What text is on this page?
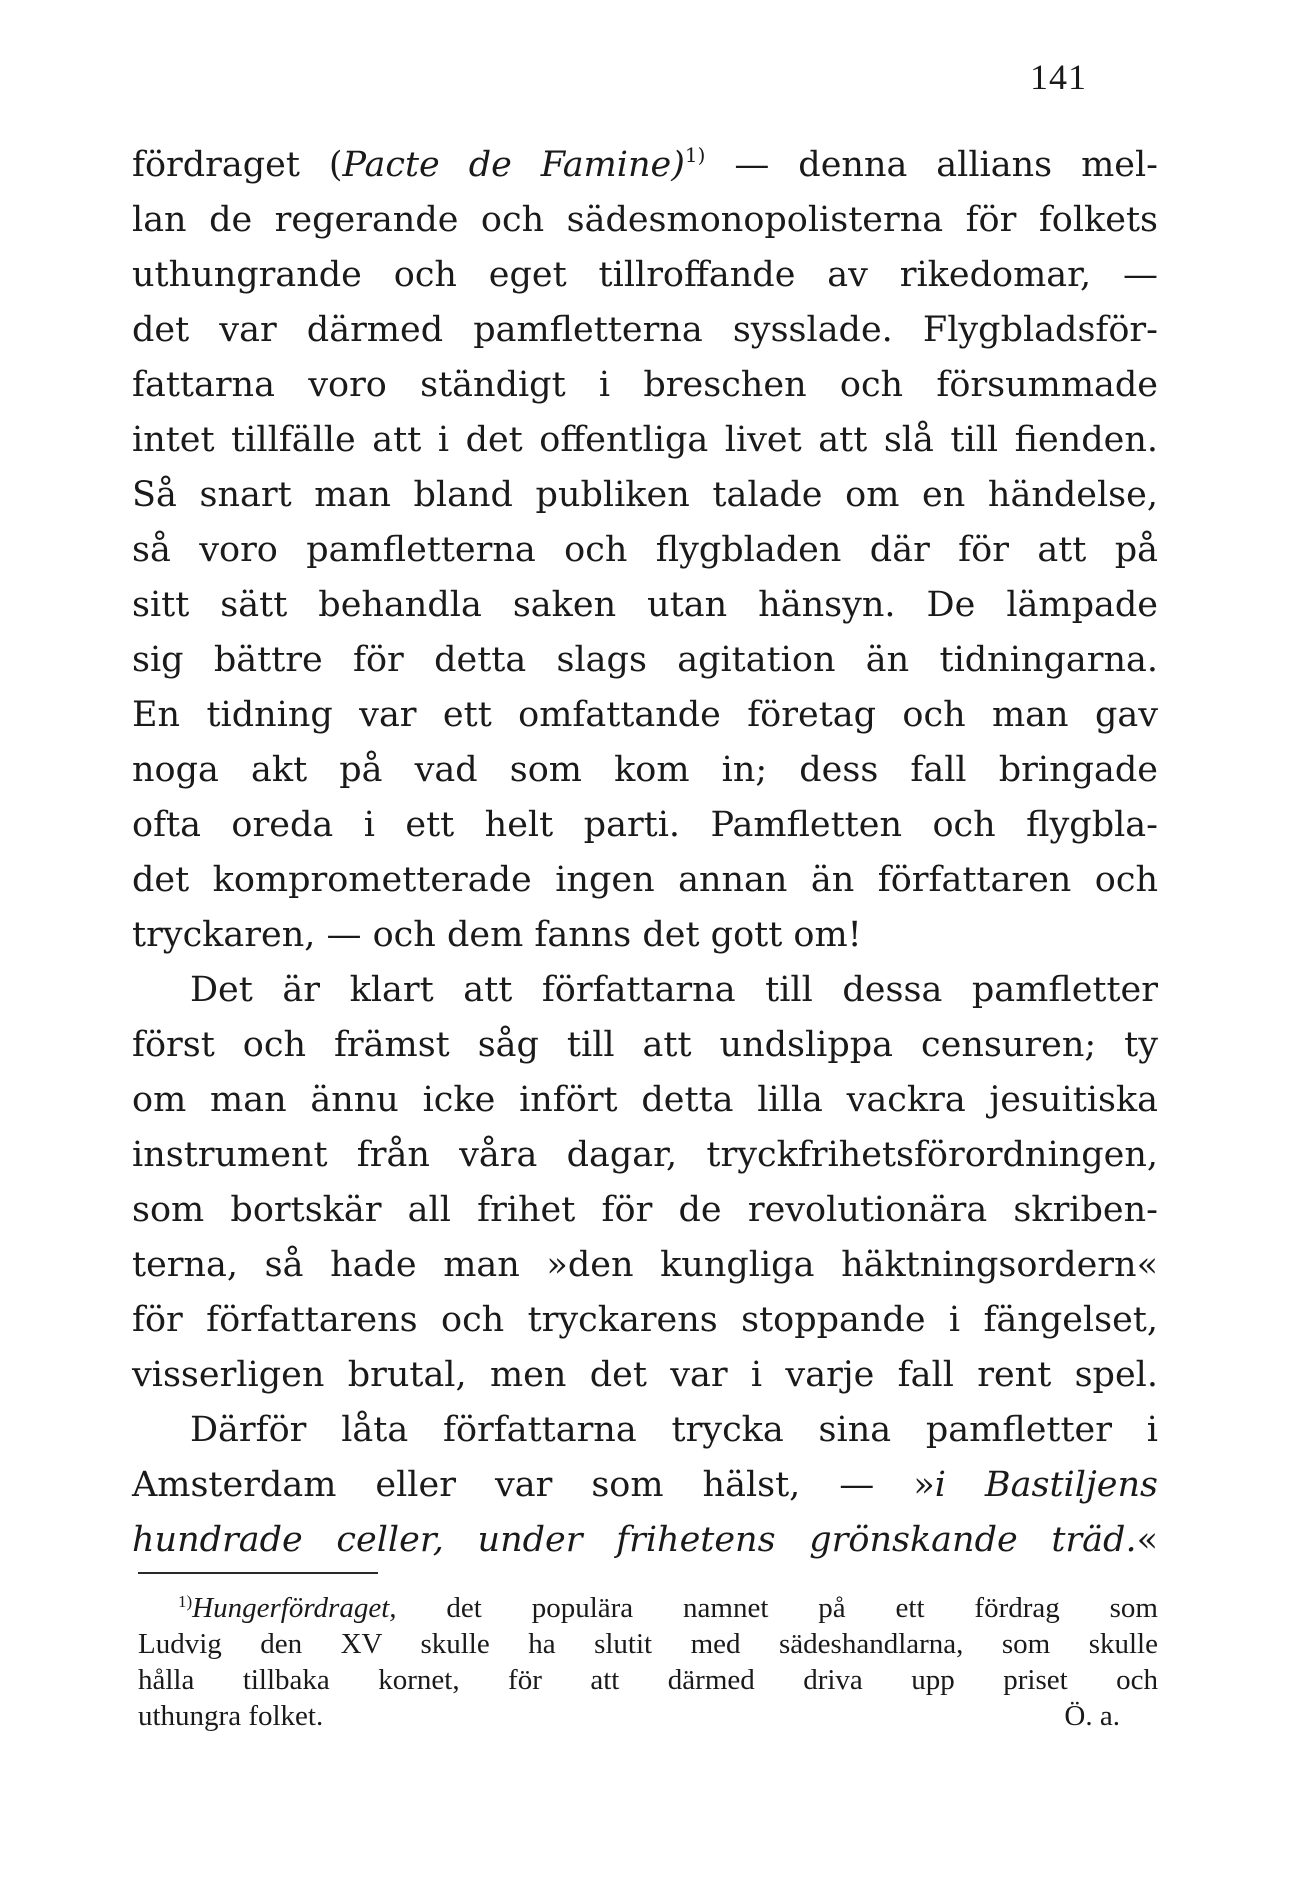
141

fördraget (Pacte de Famine)$^{1)}$ — denna allians mel-
lan de regerande och sädesmonopolisterna för folkets
uthungrande och eget tillroffande av rikedomar, —
det var därmed pamfletterna sysslade. Flygbladsför-
fattarna voro ständigt i breschen och försummade
intet tillfälle att i det offentliga livet att slå till fienden.
Så snart man bland publiken talade om en händelse,
så voro pamfletterna och flygbladen där för att på
sitt sätt behandla saken utan hänsyn. De lämpade
sig bättre för detta slags agitation än tidningarna.
En tidning var ett omfattande företag och man gav
noga akt på vad som kom in; dess fall bringade
ofta oreda i ett helt parti. Pamfletten och flygbla-
det komprometterade ingen annan än författaren och
tryckaren, — och dem fanns det gott om!

Det är klart att författarna till dessa pamfletter
först och främst såg till att undslippa censuren; ty
om man ännu icke infört detta lilla vackra jesuitiska
instrument från våra dagar, tryckfrihetsförordningen,
som bortskär all frihet för de revolutionära skriben-
terna, så hade man »den kungliga häktningsordern«
för författarens och tryckarens stoppande i fängelset,
visserligen brutal, men det var i varje fall rent spel.

Därför låta författarna trycka sina pamfletter i
Amsterdam eller var som hälst, — »i Bastiljens
hundrade celler, under frihetens grönskande träd.«

$^{1)}$Hungerfördraget, det populära namnet på ett fördrag som
Ludvig den XV skulle ha slutit med sädeshandlarna, som skulle
hålla tillbaka kornet, för att därmed driva upp priset och
uthungra folket.	Ö. a.
